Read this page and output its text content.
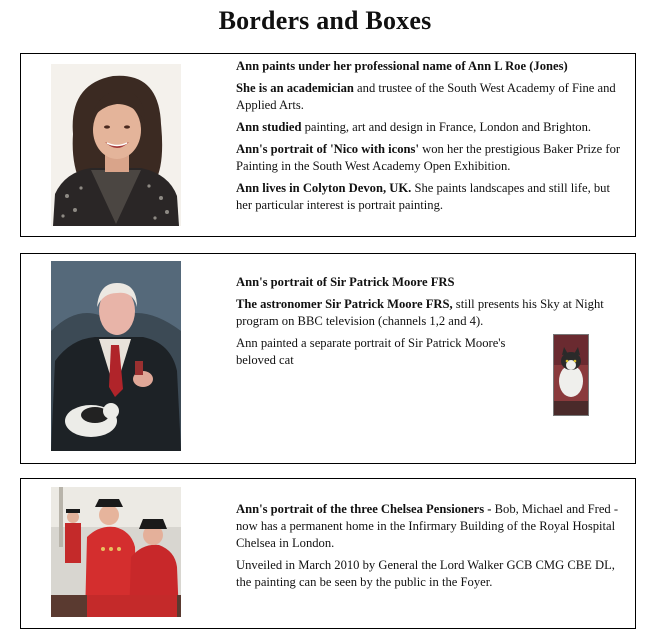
Borders and Boxes

Ann paints under her professional name of Ann L Roe (Jones)

She is an academician and trustee of the South West Academy of Fine and Applied Arts.

Ann studied painting, art and design in France, London and Brighton.

Ann's portrait of 'Nico with icons' won her the prestigious Baker Prize for Painting in the South West Academy Open Exhibition.

Ann lives in Colyton Devon, UK. She paints landscapes and still life, but her particular interest is portrait painting.

Ann's portrait of Sir Patrick Moore FRS

The astronomer Sir Patrick Moore FRS, still presents his Sky at Night program on BBC television (channels 1,2 and 4).

Ann painted a separate portrait of Sir Patrick Moore's beloved cat

Ann's portrait of the three Chelsea Pensioners - Bob, Michael and Fred - now has a permanent home in the Infirmary Building of the Royal Hospital Chelsea in London.

Unveiled in March 2010 by General the Lord Walker GCB CMG CBE DL, the painting can be seen by the public in the Foyer.
